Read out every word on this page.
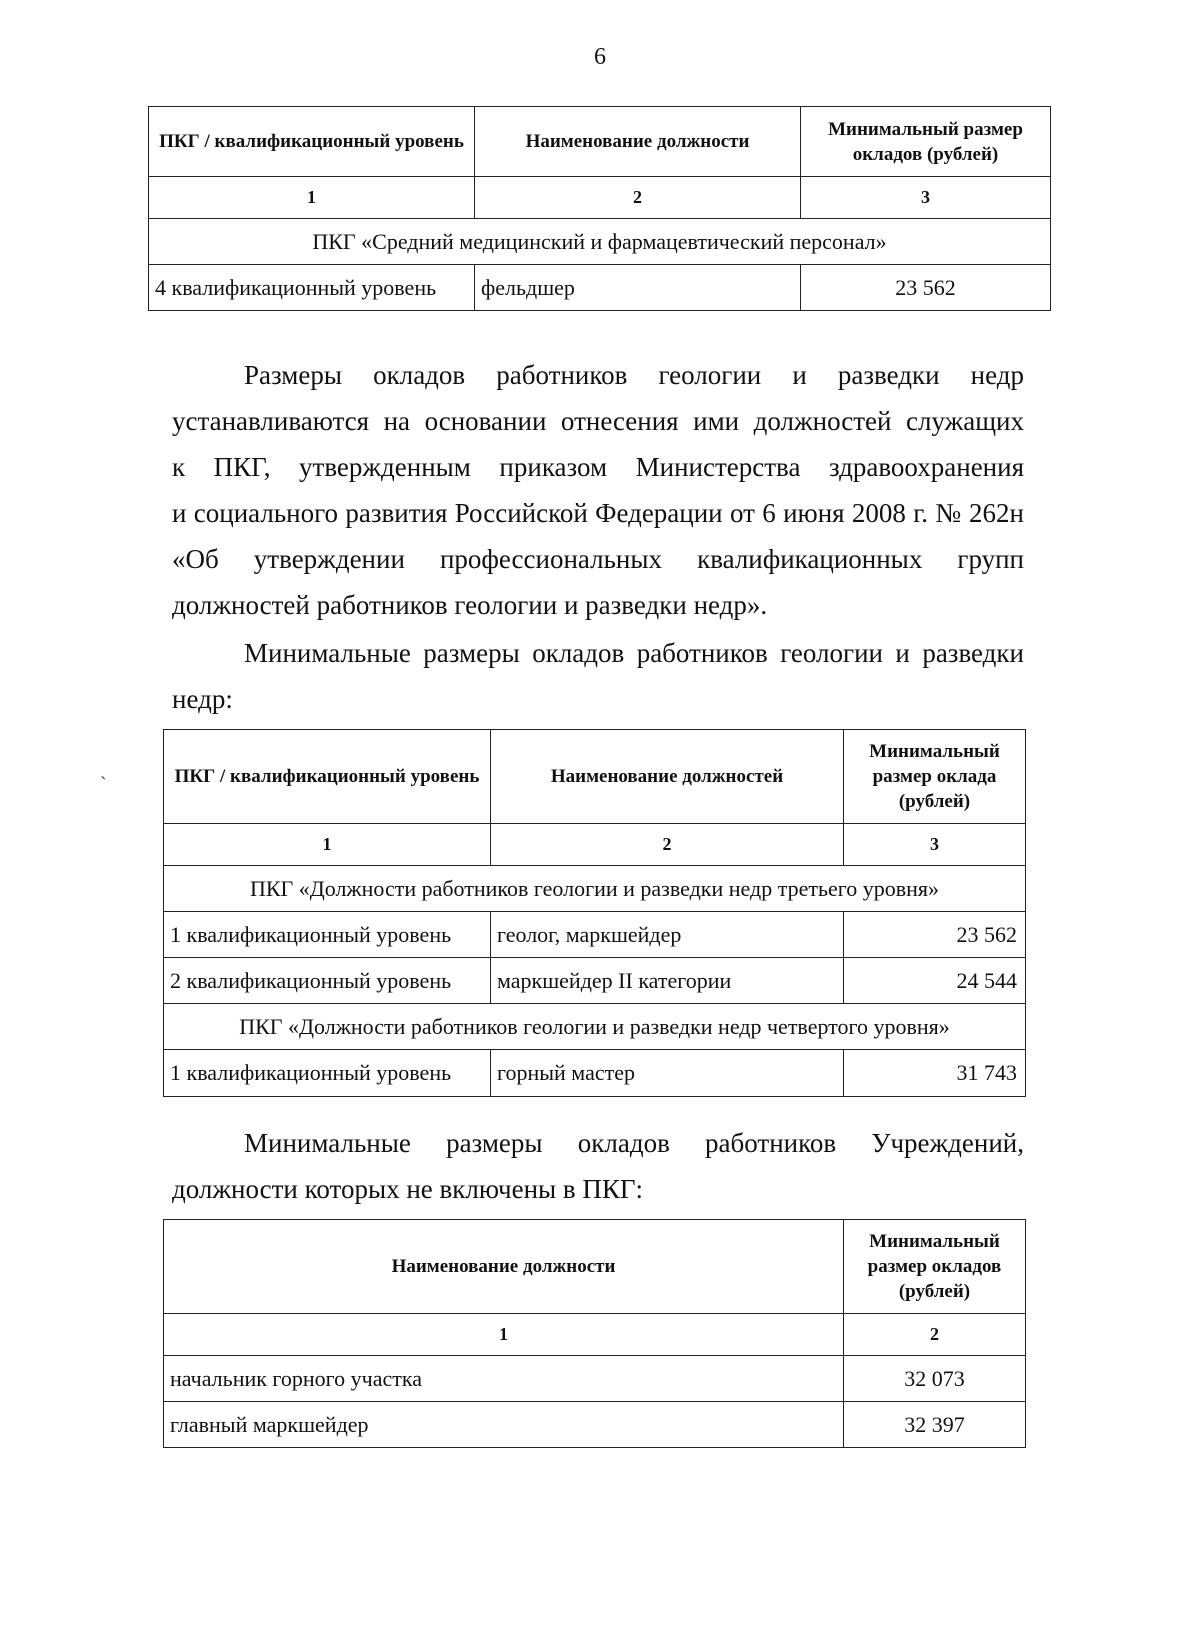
6
ПКГ / квалификационный уровень	Наименование должности	Минимальный размер окладов (рублей)
1	2	3
ПКГ «Средний медицинский и фармацевтический персонал»		
4 квалификационный уровень	фельдшер	23 562
Размеры окладов работников геологии и разведки недр
устанавливаются на основании отнесения ими должностей служащих
к ПКГ, утвержденным приказом Министерства здравоохранения
и социального развития Российской Федерации от 6 июня 2008 г. № 262н
«Об утверждении профессиональных квалификационных групп
должностей работников геологии и разведки недр».
Минимальные размеры окладов работников геологии и разведки
недр:
ˏ	ПКГ / квалификационный уровень	Наименование должностей	Минимальный размер оклада (рублей)
1	2	3
ПКГ «Должности работников геологии и разведки недр третьего уровня»		
1 квалификационный уровень	геолог, маркшейдер	23 562
2 квалификационный уровень	маркшейдер II категории	24 544
ПКГ «Должности работников геологии и разведки недр четвертого уровня»		
1 квалификационный уровень	горный мастер	31 743
Минимальные размеры окладов работников Учреждений,
должности которых не включены в ПКГ:
Наименование должности	Минимальный размер окладов (рублей)
1	2
начальник горного участка	32 073
главный маркшейдер	32 397
